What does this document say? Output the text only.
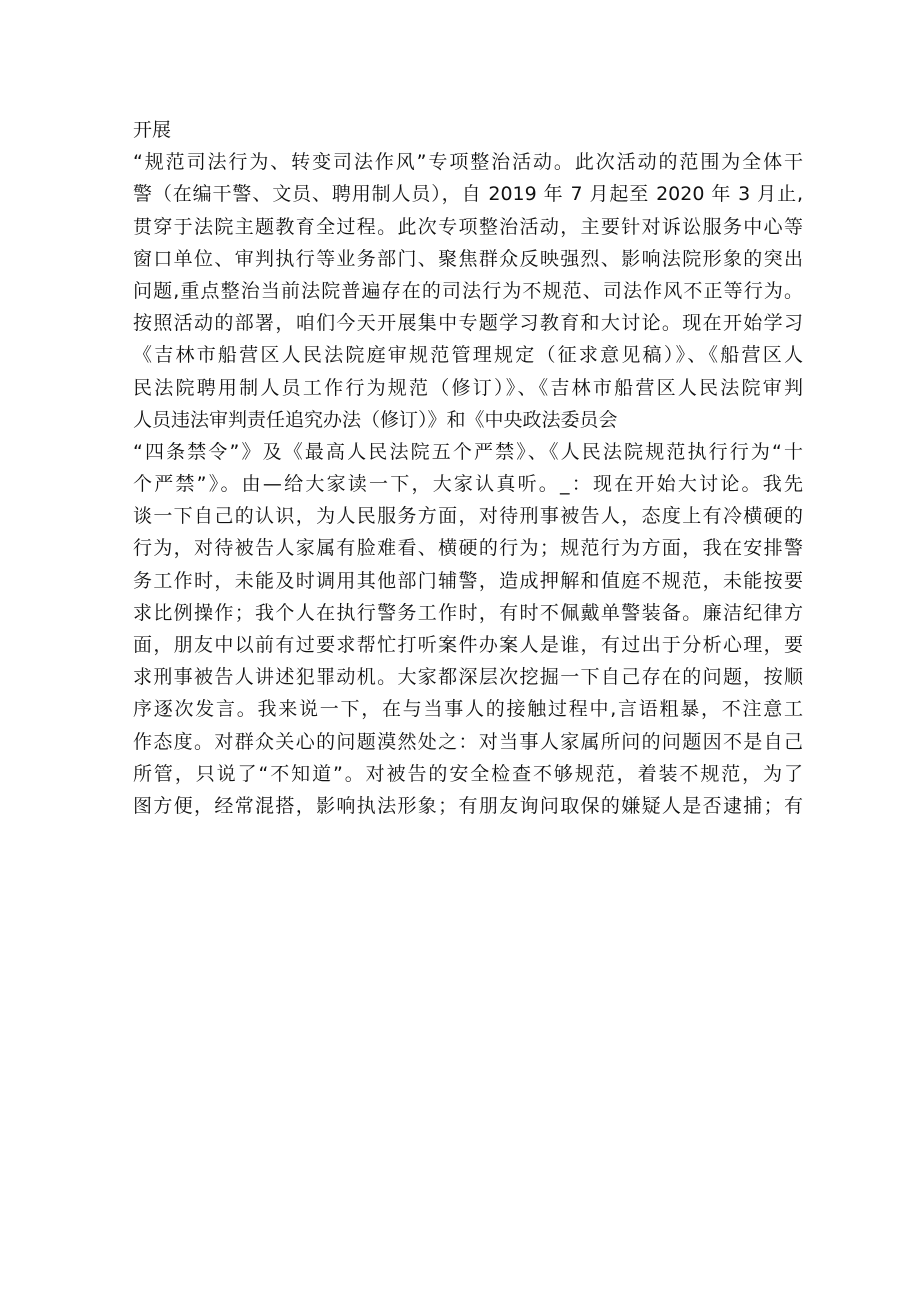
开展
“规范司法行为、转变司法作风”专项整治活动。此次活动的范围为全体干
警（在编干警、文员、聘用制人员），自 2019 年 7 月起至 2020 年 3 月止,
贯穿于法院主题教育全过程。此次专项整治活动，主要针对诉讼服务中心等
窗口单位、审判执行等业务部门、聚焦群众反映强烈、影响法院形象的突出
问题,重点整治当前法院普遍存在的司法行为不规范、司法作风不正等行为。
按照活动的部署，咱们今天开展集中专题学习教育和大讨论。现在开始学习
《吉林市船营区人民法院庭审规范管理规定（征求意见稿）》、《船营区人
民法院聘用制人员工作行为规范（修订）》、《吉林市船营区人民法院审判
人员违法审判责任追究办法（修订）》和《中央政法委员会
“四条禁令”》及《最高人民法院五个严禁》、《人民法院规范执行行为“十
个严禁”》。由—给大家读一下，大家认真听。_：现在开始大讨论。我先
谈一下自己的认识，为人民服务方面，对待刑事被告人，态度上有冷横硬的
行为，对待被告人家属有脸难看、横硬的行为；规范行为方面，我在安排警
务工作时，未能及时调用其他部门辅警，造成押解和值庭不规范，未能按要
求比例操作；我个人在执行警务工作时，有时不佩戴单警装备。廉洁纪律方
面，朋友中以前有过要求帮忙打听案件办案人是谁，有过出于分析心理，要
求刑事被告人讲述犯罪动机。大家都深层次挖掘一下自己存在的问题，按顺
序逐次发言。我来说一下，在与当事人的接触过程中,言语粗暴，不注意工
作态度。对群众关心的问题漠然处之：对当事人家属所问的问题因不是自己
所管，只说了“不知道”。对被告的安全检查不够规范，着装不规范，为了
图方便，经常混搭，影响执法形象；有朋友询问取保的嫌疑人是否逮捕；有
